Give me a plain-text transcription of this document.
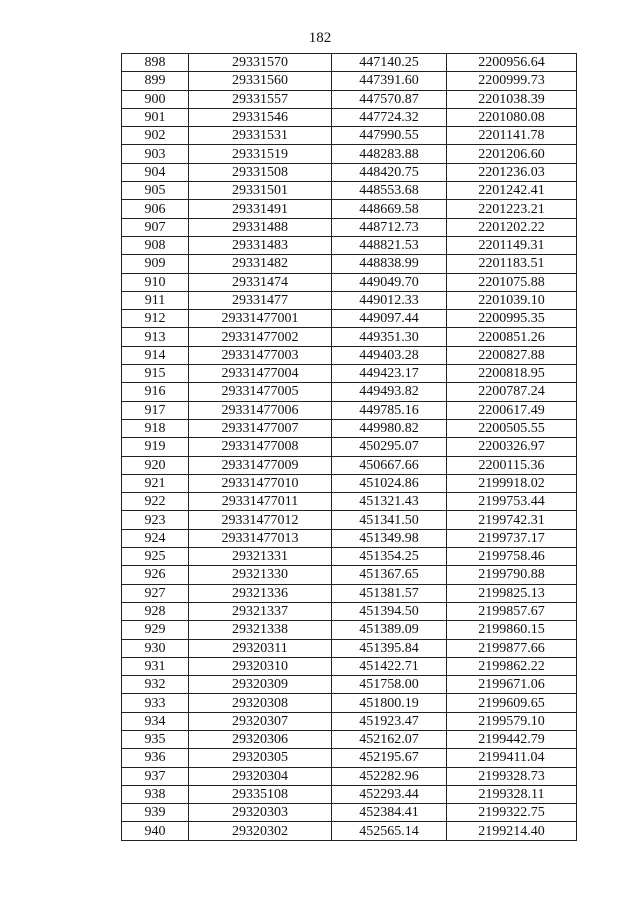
182
898	29331570	447140.25	2200956.64
899	29331560	447391.60	2200999.73
900	29331557	447570.87	2201038.39
901	29331546	447724.32	2201080.08
902	29331531	447990.55	2201141.78
903	29331519	448283.88	2201206.60
904	29331508	448420.75	2201236.03
905	29331501	448553.68	2201242.41
906	29331491	448669.58	2201223.21
907	29331488	448712.73	2201202.22
908	29331483	448821.53	2201149.31
909	29331482	448838.99	2201183.51
910	29331474	449049.70	2201075.88
911	29331477	449012.33	2201039.10
912	29331477001	449097.44	2200995.35
913	29331477002	449351.30	2200851.26
914	29331477003	449403.28	2200827.88
915	29331477004	449423.17	2200818.95
916	29331477005	449493.82	2200787.24
917	29331477006	449785.16	2200617.49
918	29331477007	449980.82	2200505.55
919	29331477008	450295.07	2200326.97
920	29331477009	450667.66	2200115.36
921	29331477010	451024.86	2199918.02
922	29331477011	451321.43	2199753.44
923	29331477012	451341.50	2199742.31
924	29331477013	451349.98	2199737.17
925	29321331	451354.25	2199758.46
926	29321330	451367.65	2199790.88
927	29321336	451381.57	2199825.13
928	29321337	451394.50	2199857.67
929	29321338	451389.09	2199860.15
930	29320311	451395.84	2199877.66
931	29320310	451422.71	2199862.22
932	29320309	451758.00	2199671.06
933	29320308	451800.19	2199609.65
934	29320307	451923.47	2199579.10
935	29320306	452162.07	2199442.79
936	29320305	452195.67	2199411.04
937	29320304	452282.96	2199328.73
938	29335108	452293.44	2199328.11
939	29320303	452384.41	2199322.75
940	29320302	452565.14	2199214.40
